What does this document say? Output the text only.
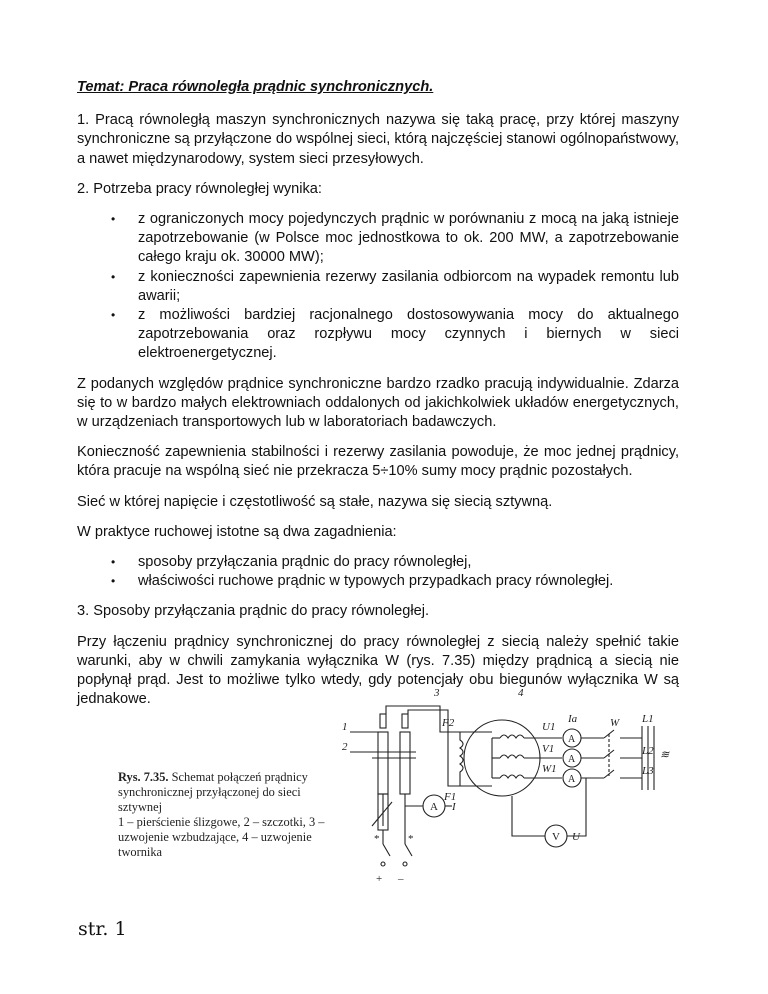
Temat: Praca równoległa prądnic synchronicznych.

1. Pracą równoległą maszyn synchronicznych nazywa się taką pracę, przy której maszyny synchroniczne są przyłączone do wspólnej sieci, którą najczęściej stanowi ogólnopaństwowy, a nawet międzynarodowy, system sieci przesyłowych.

2. Potrzeba pracy równoległej wynika:

• z ograniczonych mocy pojedynczych prądnic w porównaniu z mocą na jaką istnieje zapotrzebowanie (w Polsce moc jednostkowa to ok. 200 MW, a zapotrzebowanie całego kraju ok. 30000 MW);
• z konieczności zapewnienia rezerwy zasilania odbiorcom na wypadek remontu lub awarii;
• z możliwości bardziej racjonalnego dostosowywania mocy do aktualnego zapotrzebowania oraz rozpływu mocy czynnych i biernych w sieci elektroenergetycznej.

Z podanych względów prądnice synchroniczne bardzo rzadko pracują indywidualnie. Zdarza się to w bardzo małych elektrowniach oddalonych od jakichkolwiek układów energetycznych, w urządzeniach transportowych lub w laboratoriach badawczych.

Konieczność zapewnienia stabilności i rezerwy zasilania powoduje, że moc jednej prądnicy, która pracuje na wspólną sieć nie przekracza 5÷10% sumy mocy prądnic pozostałych.

Sieć w której napięcie i częstotliwość są stałe, nazywa się siecią sztywną.

W praktyce ruchowej istotne są dwa zagadnienia:

• sposoby przyłączania prądnic do pracy równoległej,
• właściwości ruchowe prądnic w typowych przypadkach pracy równoległej.

3. Sposoby przyłączania prądnic do pracy równoległej.

Przy łączeniu prądnicy synchronicznej do pracy równoległej z siecią należy spełnić takie warunki, aby w chwili zamykania wyłącznika W (rys. 7.35) między prądnicą a siecią nie popłynął prąd. Jest to możliwe tylko wtedy, gdy potencjały obu biegunów wyłącznika W są jednakowe.

Rys. 7.35. Schemat połączeń prądnicy synchronicznej przyłączonej do sieci sztywnej
1 – pierścienie ślizgowe, 2 – szczotki, 3 – uzwojenie wzbudzające, 4 – uzwojenie twornika
1
2
3	4
F2
F1
U1
V1
W1
Ia	W L1
L2
L3
≋
I
U
A
A
A
A
V
+ –
*	*
str. 1
